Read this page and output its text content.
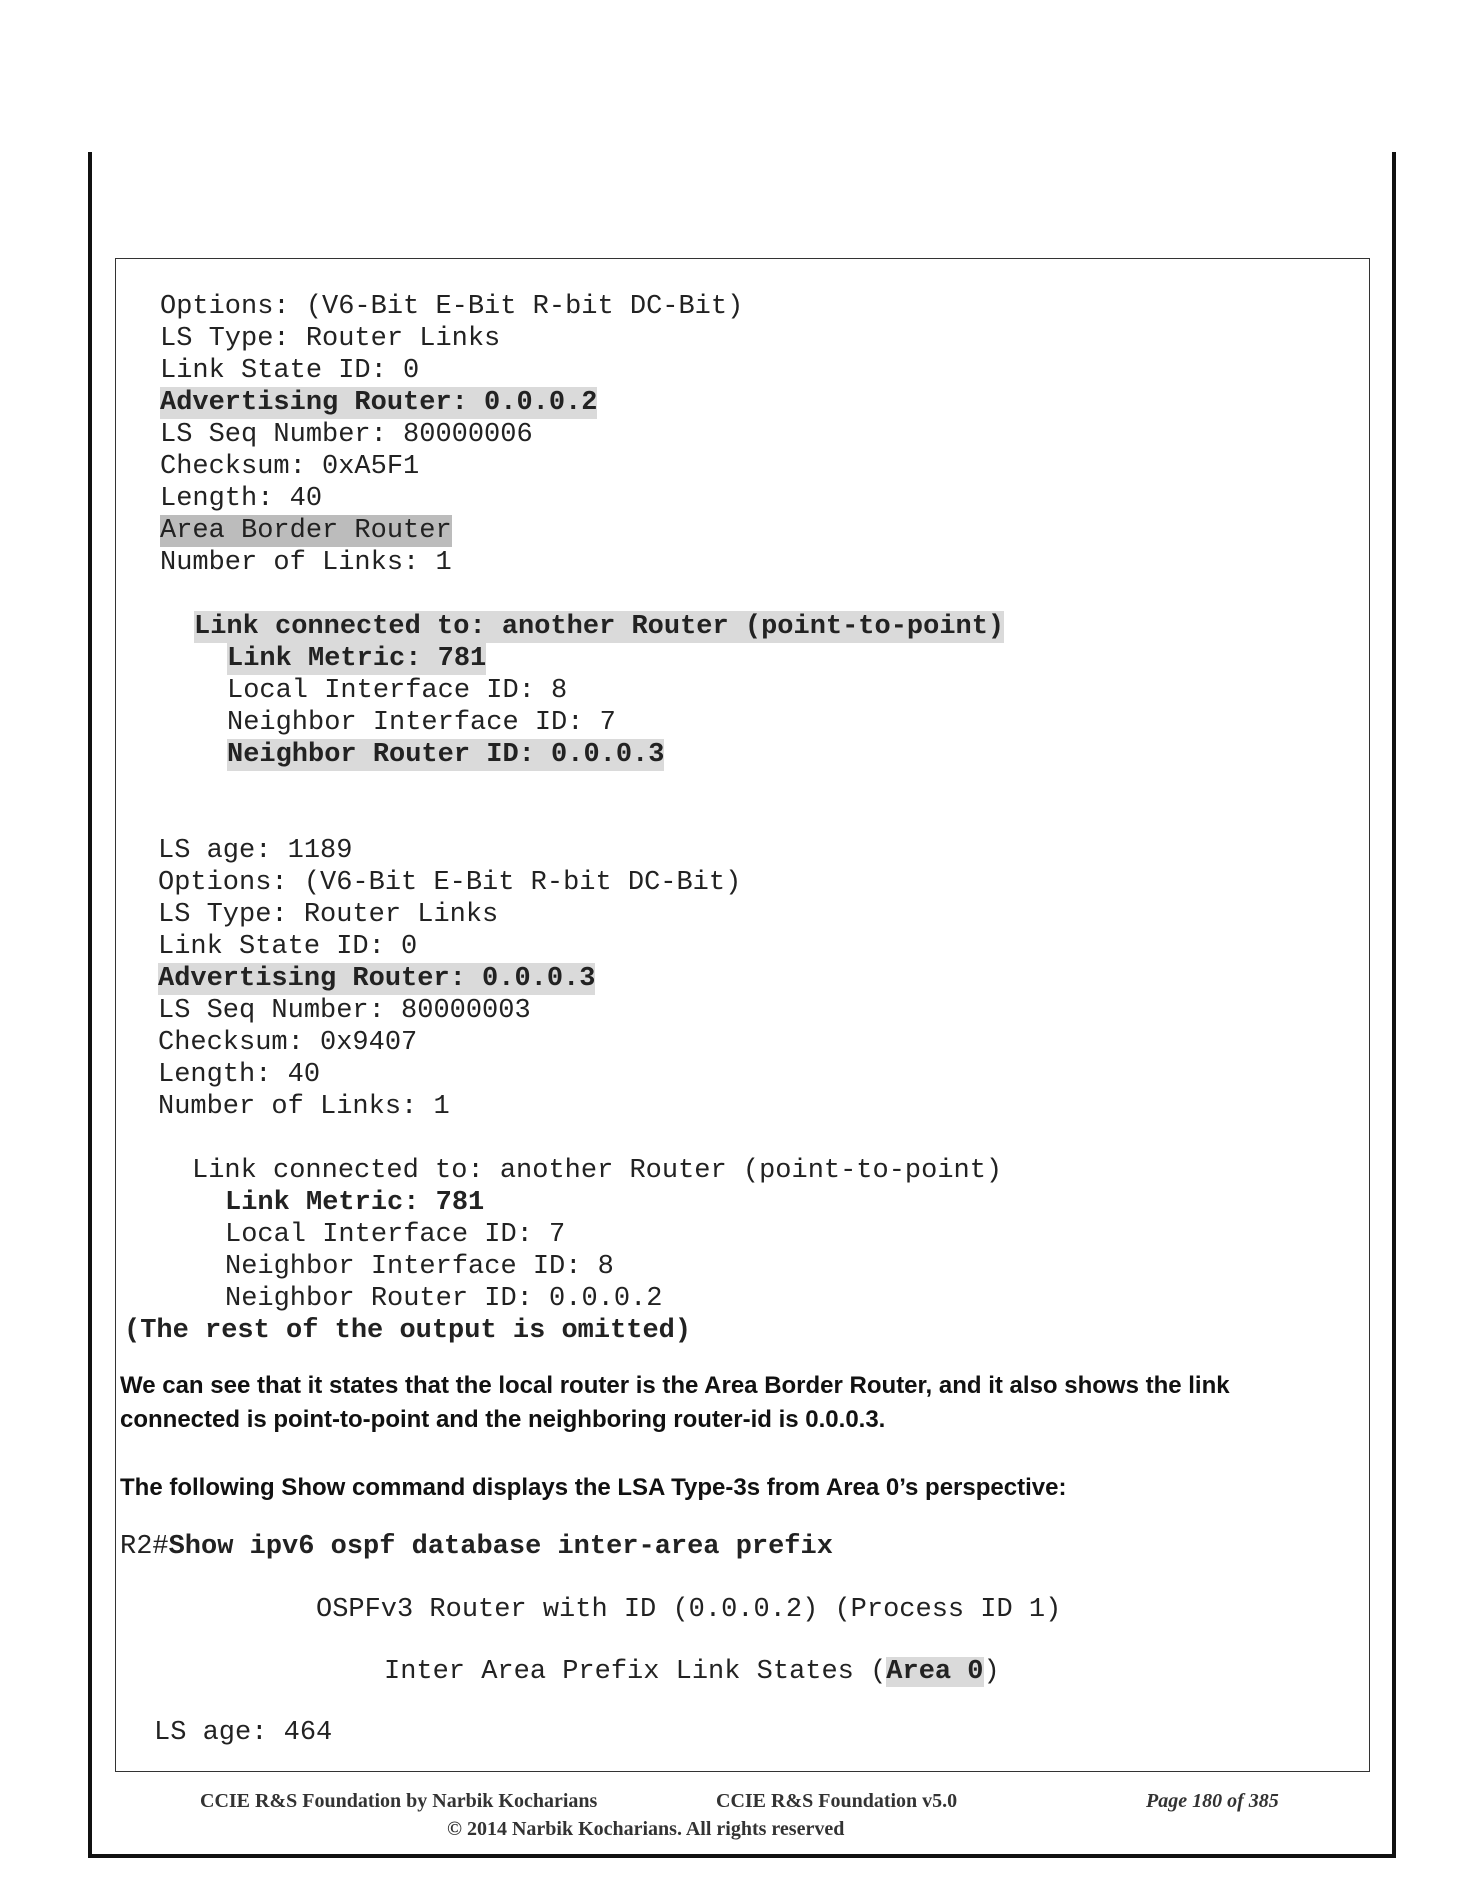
Options: (V6-Bit E-Bit R-bit DC-Bit)

LS Type: Router Links

Link State ID: 0

Advertising Router: 0.0.0.2

LS Seq Number: 80000006

Checksum: 0xA5F1

Length: 40

Area Border Router

Number of Links: 1

Link connected to: another Router (point-to-point)

Link Metric: 781

Local Interface ID: 8

Neighbor Interface ID: 7

Neighbor Router ID: 0.0.0.3

LS age: 1189

Options: (V6-Bit E-Bit R-bit DC-Bit)

LS Type: Router Links

Link State ID: 0

Advertising Router: 0.0.0.3

LS Seq Number: 80000003

Checksum: 0x9407

Length: 40

Number of Links: 1

Link connected to: another Router (point-to-point)

Link Metric: 781

Local Interface ID: 7

Neighbor Interface ID: 8

Neighbor Router ID: 0.0.0.2

(The rest of the output is omitted)

We can see that it states that the local router is the Area Border Router, and it also shows the link connected is point-to-point and the neighboring router-id is 0.0.0.3.

The following Show command displays the LSA Type-3s from Area 0’s perspective:

R2#Show ipv6 ospf database inter-area prefix

OSPFv3 Router with ID (0.0.0.2) (Process ID 1)

Inter Area Prefix Link States (Area 0)

LS age: 464

CCIE R&S Foundation by Narbik Kocharians	CCIE R&S Foundation v5.0	Page 180 of 385
© 2014 Narbik Kocharians. All rights reserved
